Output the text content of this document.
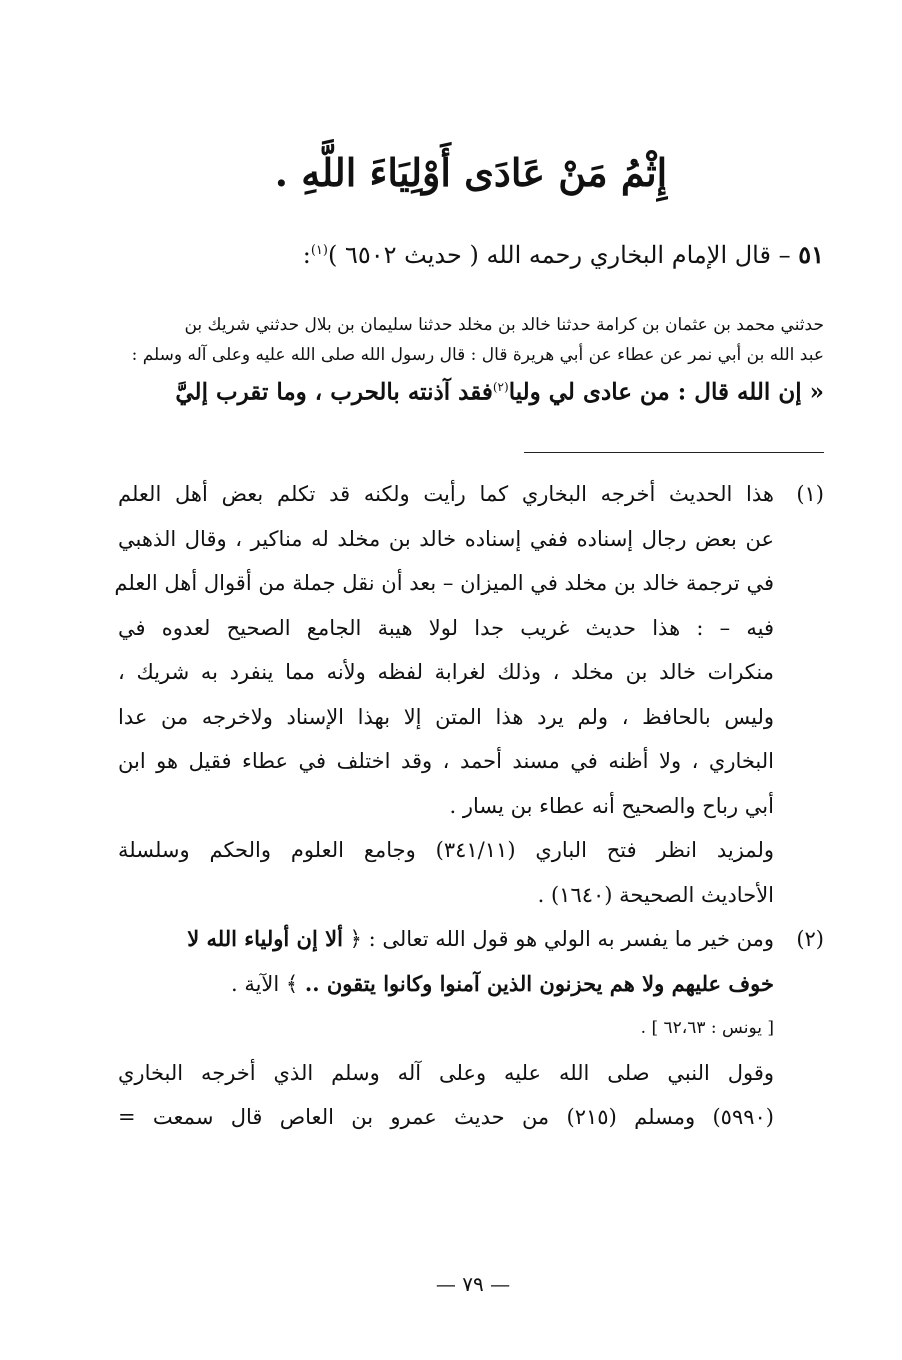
إِثْمُ مَنْ عَادَى أَوْلِيَاءَ اللَّهِ .
٥١ – قال الإمام البخاري رحمه الله ( حديث ٦٥٠٢ )$^{(١)}$:
حدثني محمد بن عثمان بن كرامة حدثنا خالد بن مخلد حدثنا سليمان بن بلال حدثني شريك بن
عبد الله بن أبي نمر عن عطاء عن أبي هريرة قال : قال رسول الله صلى الله عليه وعلى آله وسلم :
« إن الله قال : من عادى لي وليا$^{(٢)}$فقد آذنته بالحرب ، وما تقرب إليَّ
(١)
هذا الحديث أخرجه البخاري كما رأيت ولكنه قد تكلم بعض أهل العلم
عن بعض رجال إسناده ففي إسناده خالد بن مخلد له مناكير ، وقال الذهبي
في ترجمة خالد بن مخلد في الميزان – بعد أن نقل جملة من أقوال أهل العلم
فيه – : هذا حديث غريب جدا لولا هيبة الجامع الصحيح لعدوه في
منكرات خالد بن مخلد ، وذلك لغرابة لفظه ولأنه مما ينفرد به شريك ،
وليس بالحافظ ، ولم يرد هذا المتن إلا بهذا الإسناد ولاخرجه من عدا
البخاري ، ولا أظنه في مسند أحمد ، وقد اختلف في عطاء فقيل هو ابن
أبي رباح والصحيح أنه عطاء بن يسار .
ولمزيد انظر فتح الباري (٣٤١/١١) وجامع العلوم والحكم وسلسلة
الأحاديث الصحيحة (١٦٤٠) .
(٢)
ومن خير ما يفسر به الولي هو قول الله تعالى : ﴿ ألا إن أولياء الله لا
خوف عليهم ولا هم يحزنون الذين آمنوا وكانوا يتقون .. ﴾ الآية .
[ يونس : ٦٢،٦٣ ] .
وقول النبي صلى الله عليه وعلى آله وسلم الذي أخرجه البخاري
(٥٩٩٠) ومسلم (٢١٥) من حديث عمرو بن العاص قال سمعت =
— ٧٩ —
